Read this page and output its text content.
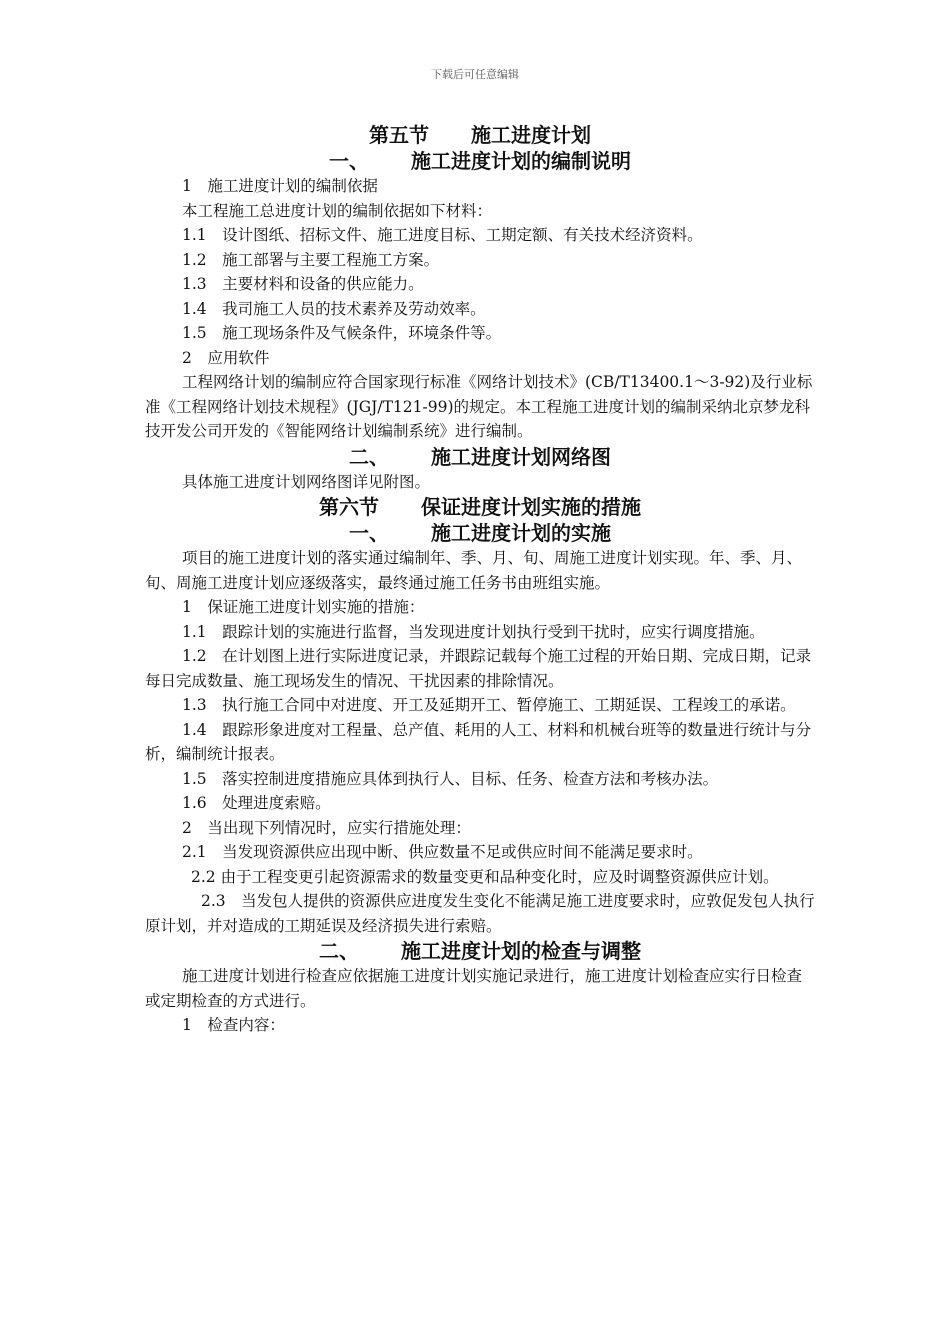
下载后可任意编辑
第五节 施工进度计划
一、 施工进度计划的编制说明

1　施工进度计划的编制依据

本工程施工总进度计划的编制依据如下材料：

1.1　设计图纸、招标文件、施工进度目标、工期定额、有关技术经济资料。

1.2　施工部署与主要工程施工方案。

1.3　主要材料和设备的供应能力。

1.4　我司施工人员的技术素养及劳动效率。

1.5　施工现场条件及气候条件，环境条件等。

2　应用软件

工程网络计划的编制应符合国家现行标准《网络计划技术》(CB/T13400.1～3-92)及行业标准《工程网络计划技术规程》(JGJ/T121-99)的规定。本工程施工进度计划的编制采纳北京梦龙科技开发公司开发的《智能网络计划编制系统》进行编制。

二、 施工进度计划网络图

具体施工进度计划网络图详见附图。

第六节 保证进度计划实施的措施
一、 施工进度计划的实施

项目的施工进度计划的落实通过编制年、季、月、旬、周施工进度计划实现。年、季、月、旬、周施工进度计划应逐级落实，最终通过施工任务书由班组实施。

1　保证施工进度计划实施的措施：

1.1　跟踪计划的实施进行监督，当发现进度计划执行受到干扰时，应实行调度措施。

1.2　在计划图上进行实际进度记录，并跟踪记载每个施工过程的开始日期、完成日期，记录每日完成数量、施工现场发生的情况、干扰因素的排除情况。

1.3　执行施工合同中对进度、开工及延期开工、暂停施工、工期延误、工程竣工的承诺。

1.4　跟踪形象进度对工程量、总产值、耗用的人工、材料和机械台班等的数量进行统计与分析，编制统计报表。

1.5　落实控制进度措施应具体到执行人、目标、任务、检查方法和考核办法。

1.6　处理进度索赔。

2　当出现下列情况时，应实行措施处理：

2.1　当发现资源供应出现中断、供应数量不足或供应时间不能满足要求时。

2.2 由于工程变更引起资源需求的数量变更和品种变化时，应及时调整资源供应计划。

2.3　当发包人提供的资源供应进度发生变化不能满足施工进度要求时，应敦促发包人执行原计划，并对造成的工期延误及经济损失进行索赔。

二、 施工进度计划的检查与调整

施工进度计划进行检查应依据施工进度计划实施记录进行，施工进度计划检查应实行日检查或定期检查的方式进行。

1　检查内容：
